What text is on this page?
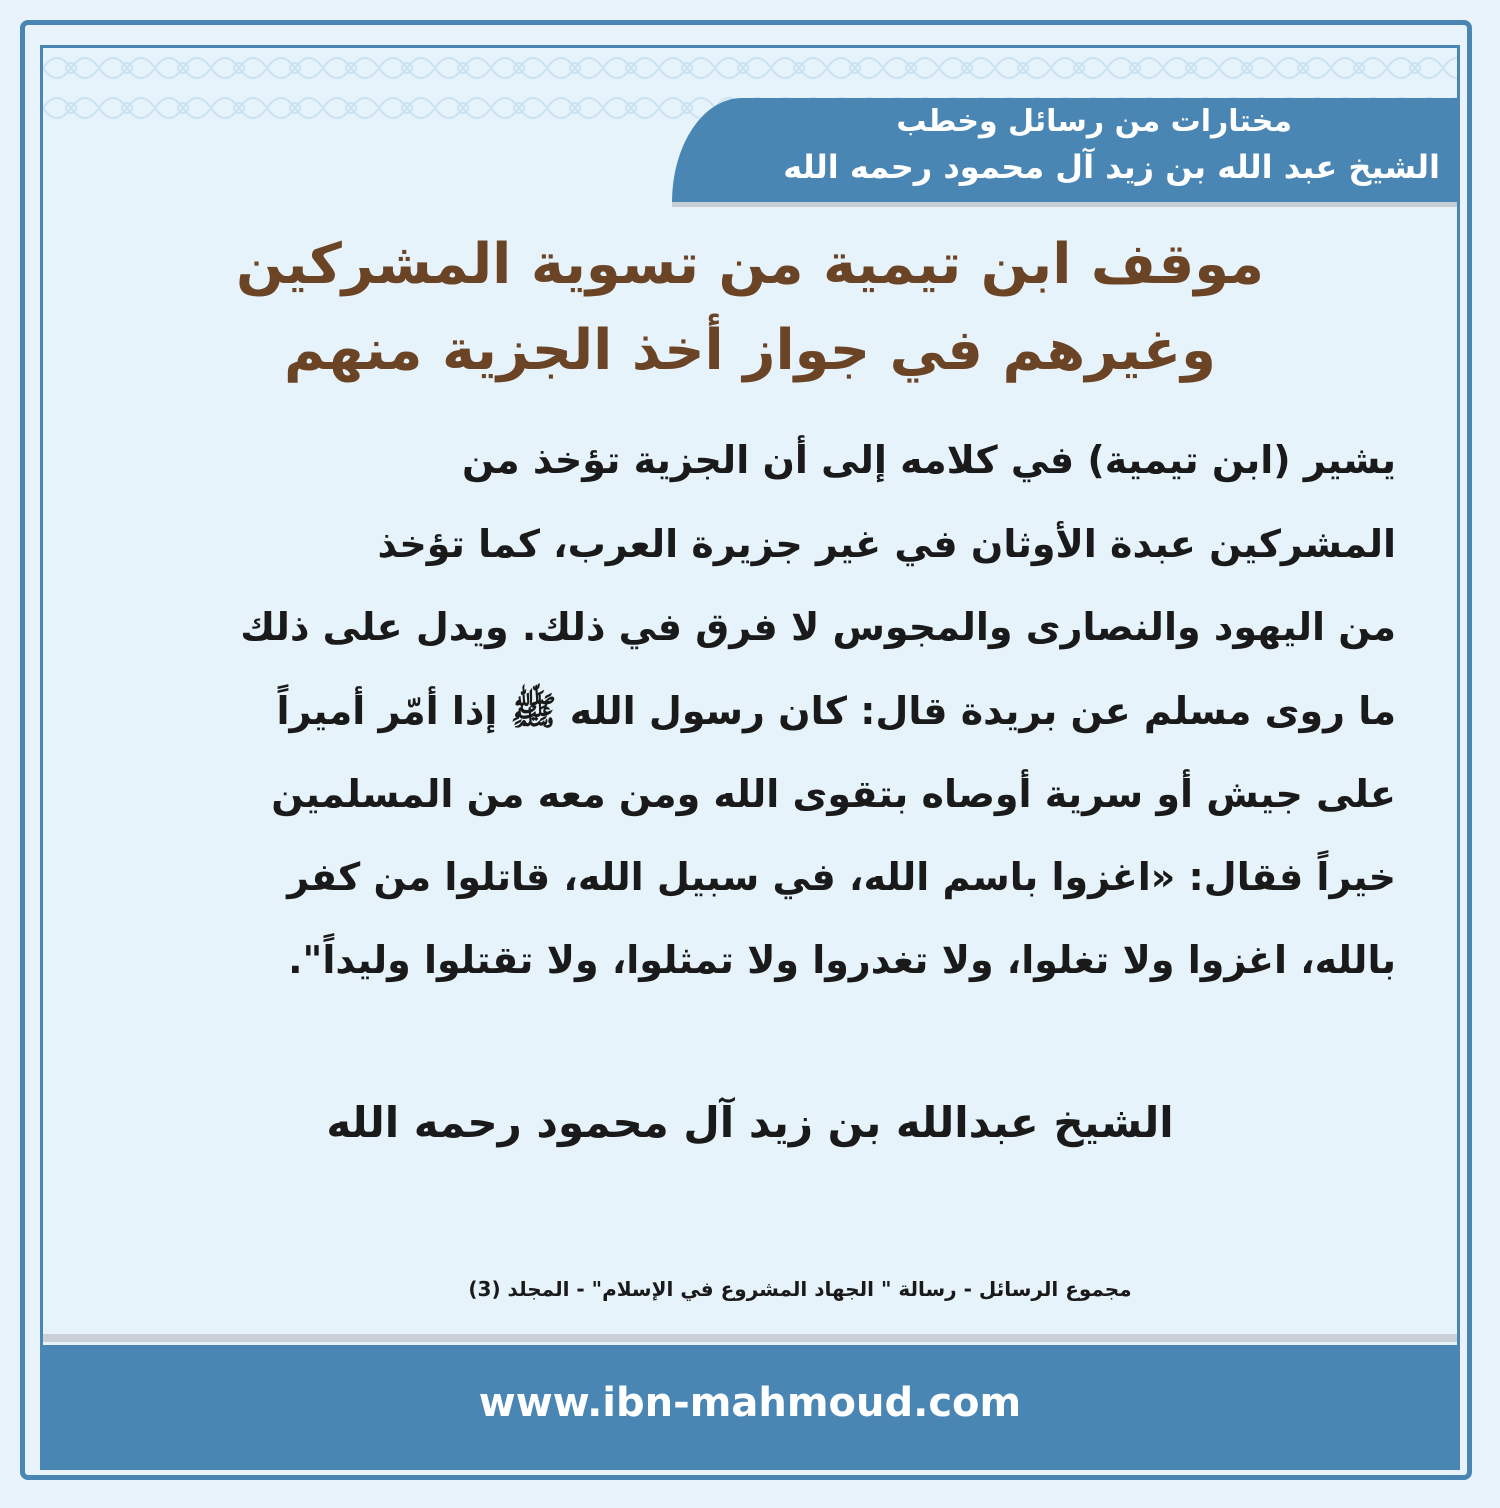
مختارات من رسائل وخطب
الشيخ عبد الله بن زيد آل محمود رحمه الله
موقف ابن تيمية من تسوية المشركين
وغيرهم في جواز أخذ الجزية منهم
يشير (ابن تيمية) في كلامه إلى أن الجزية تؤخذ من
المشركين عبدة الأوثان في غير جزيرة العرب، كما تؤخذ
من اليهود والنصارى والمجوس لا فرق في ذلك. ويدل على ذلك
ما روى مسلم عن بريدة قال: كان رسول الله ﷺ إذا أمّر أميراً
على جيش أو سرية أوصاه بتقوى الله ومن معه من المسلمين
خيراً فقال: «اغزوا باسم الله، في سبيل الله، قاتلوا من كفر
بالله، اغزوا ولا تغلوا، ولا تغدروا ولا تمثلوا، ولا تقتلوا وليداً".
الشيخ عبدالله بن زيد آل محمود رحمه الله
مجموع الرسائل - رسالة " الجهاد المشروع في الإسلام" - المجلد (3)
www.ibn-mahmoud.com
